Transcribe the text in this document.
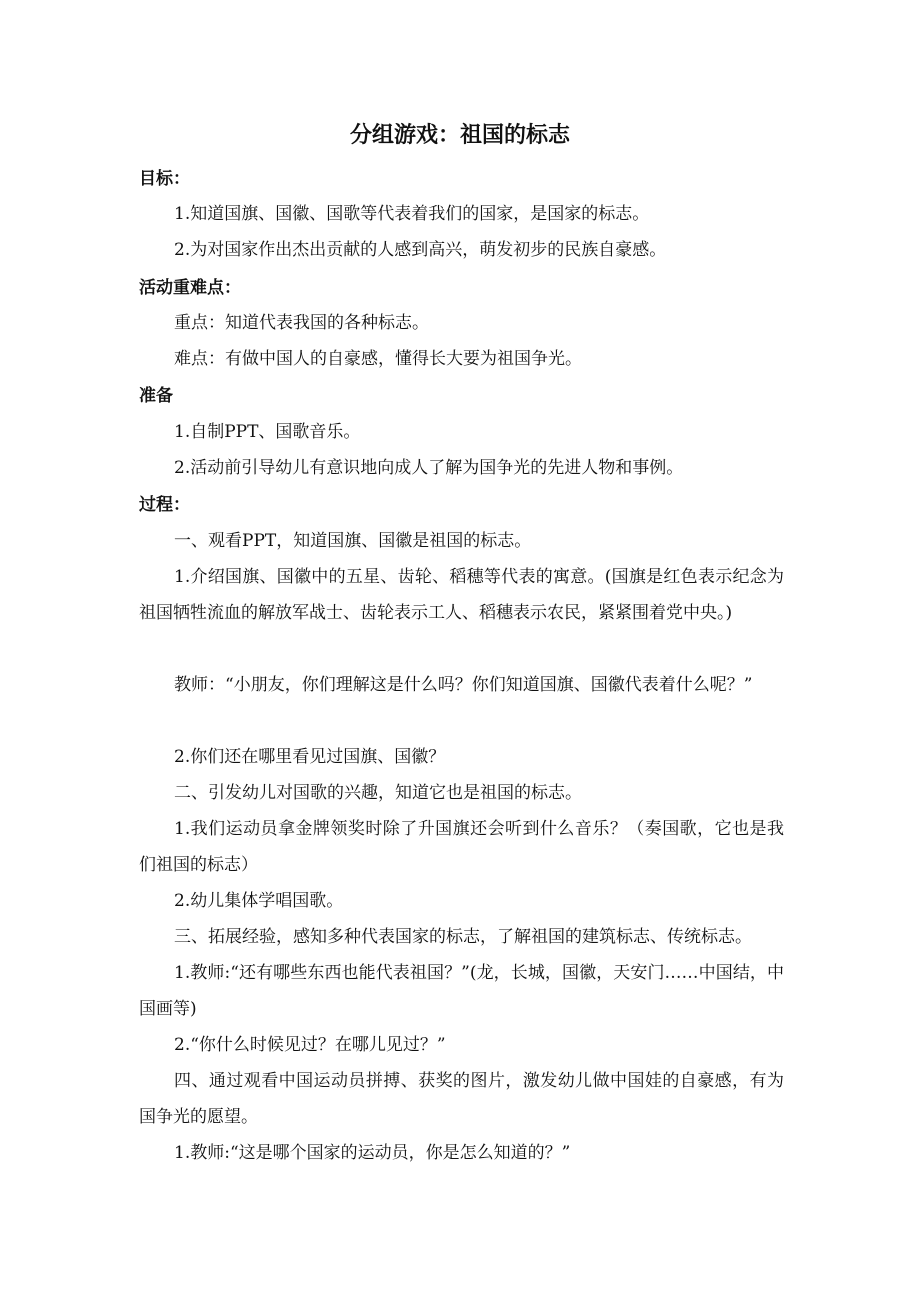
分组游戏：祖国的标志
目标：

1.知道国旗、国徽、国歌等代表着我们的国家，是国家的标志。

2.为对国家作出杰出贡献的人感到高兴，萌发初步的民族自豪感。

活动重难点：

重点：知道代表我国的各种标志。

难点：有做中国人的自豪感，懂得长大要为祖国争光。

准备

1.自制PPT、国歌音乐。

2.活动前引导幼儿有意识地向成人了解为国争光的先进人物和事例。

过程：

一、观看PPT，知道国旗、国徽是祖国的标志。

1.介绍国旗、国徽中的五星、齿轮、稻穗等代表的寓意。(国旗是红色表示纪念为祖国牺牲流血的解放军战士、齿轮表示工人、稻穗表示农民，紧紧围着党中央。)

教师：“小朋友，你们理解这是什么吗？你们知道国旗、国徽代表着什么呢？”

2.你们还在哪里看见过国旗、国徽？

二、引发幼儿对国歌的兴趣，知道它也是祖国的标志。

1.我们运动员拿金牌领奖时除了升国旗还会听到什么音乐？（奏国歌，它也是我们祖国的标志）

2.幼儿集体学唱国歌。

三、拓展经验，感知多种代表国家的标志，了解祖国的建筑标志、传统标志。

1.教师:“还有哪些东西也能代表祖国？”(龙，长城，国徽，天安门……中国结，中国画等)

2.“你什么时候见过？在哪儿见过？”

四、通过观看中国运动员拼搏、获奖的图片，激发幼儿做中国娃的自豪感，有为国争光的愿望。

1.教师:“这是哪个国家的运动员，你是怎么知道的？”
